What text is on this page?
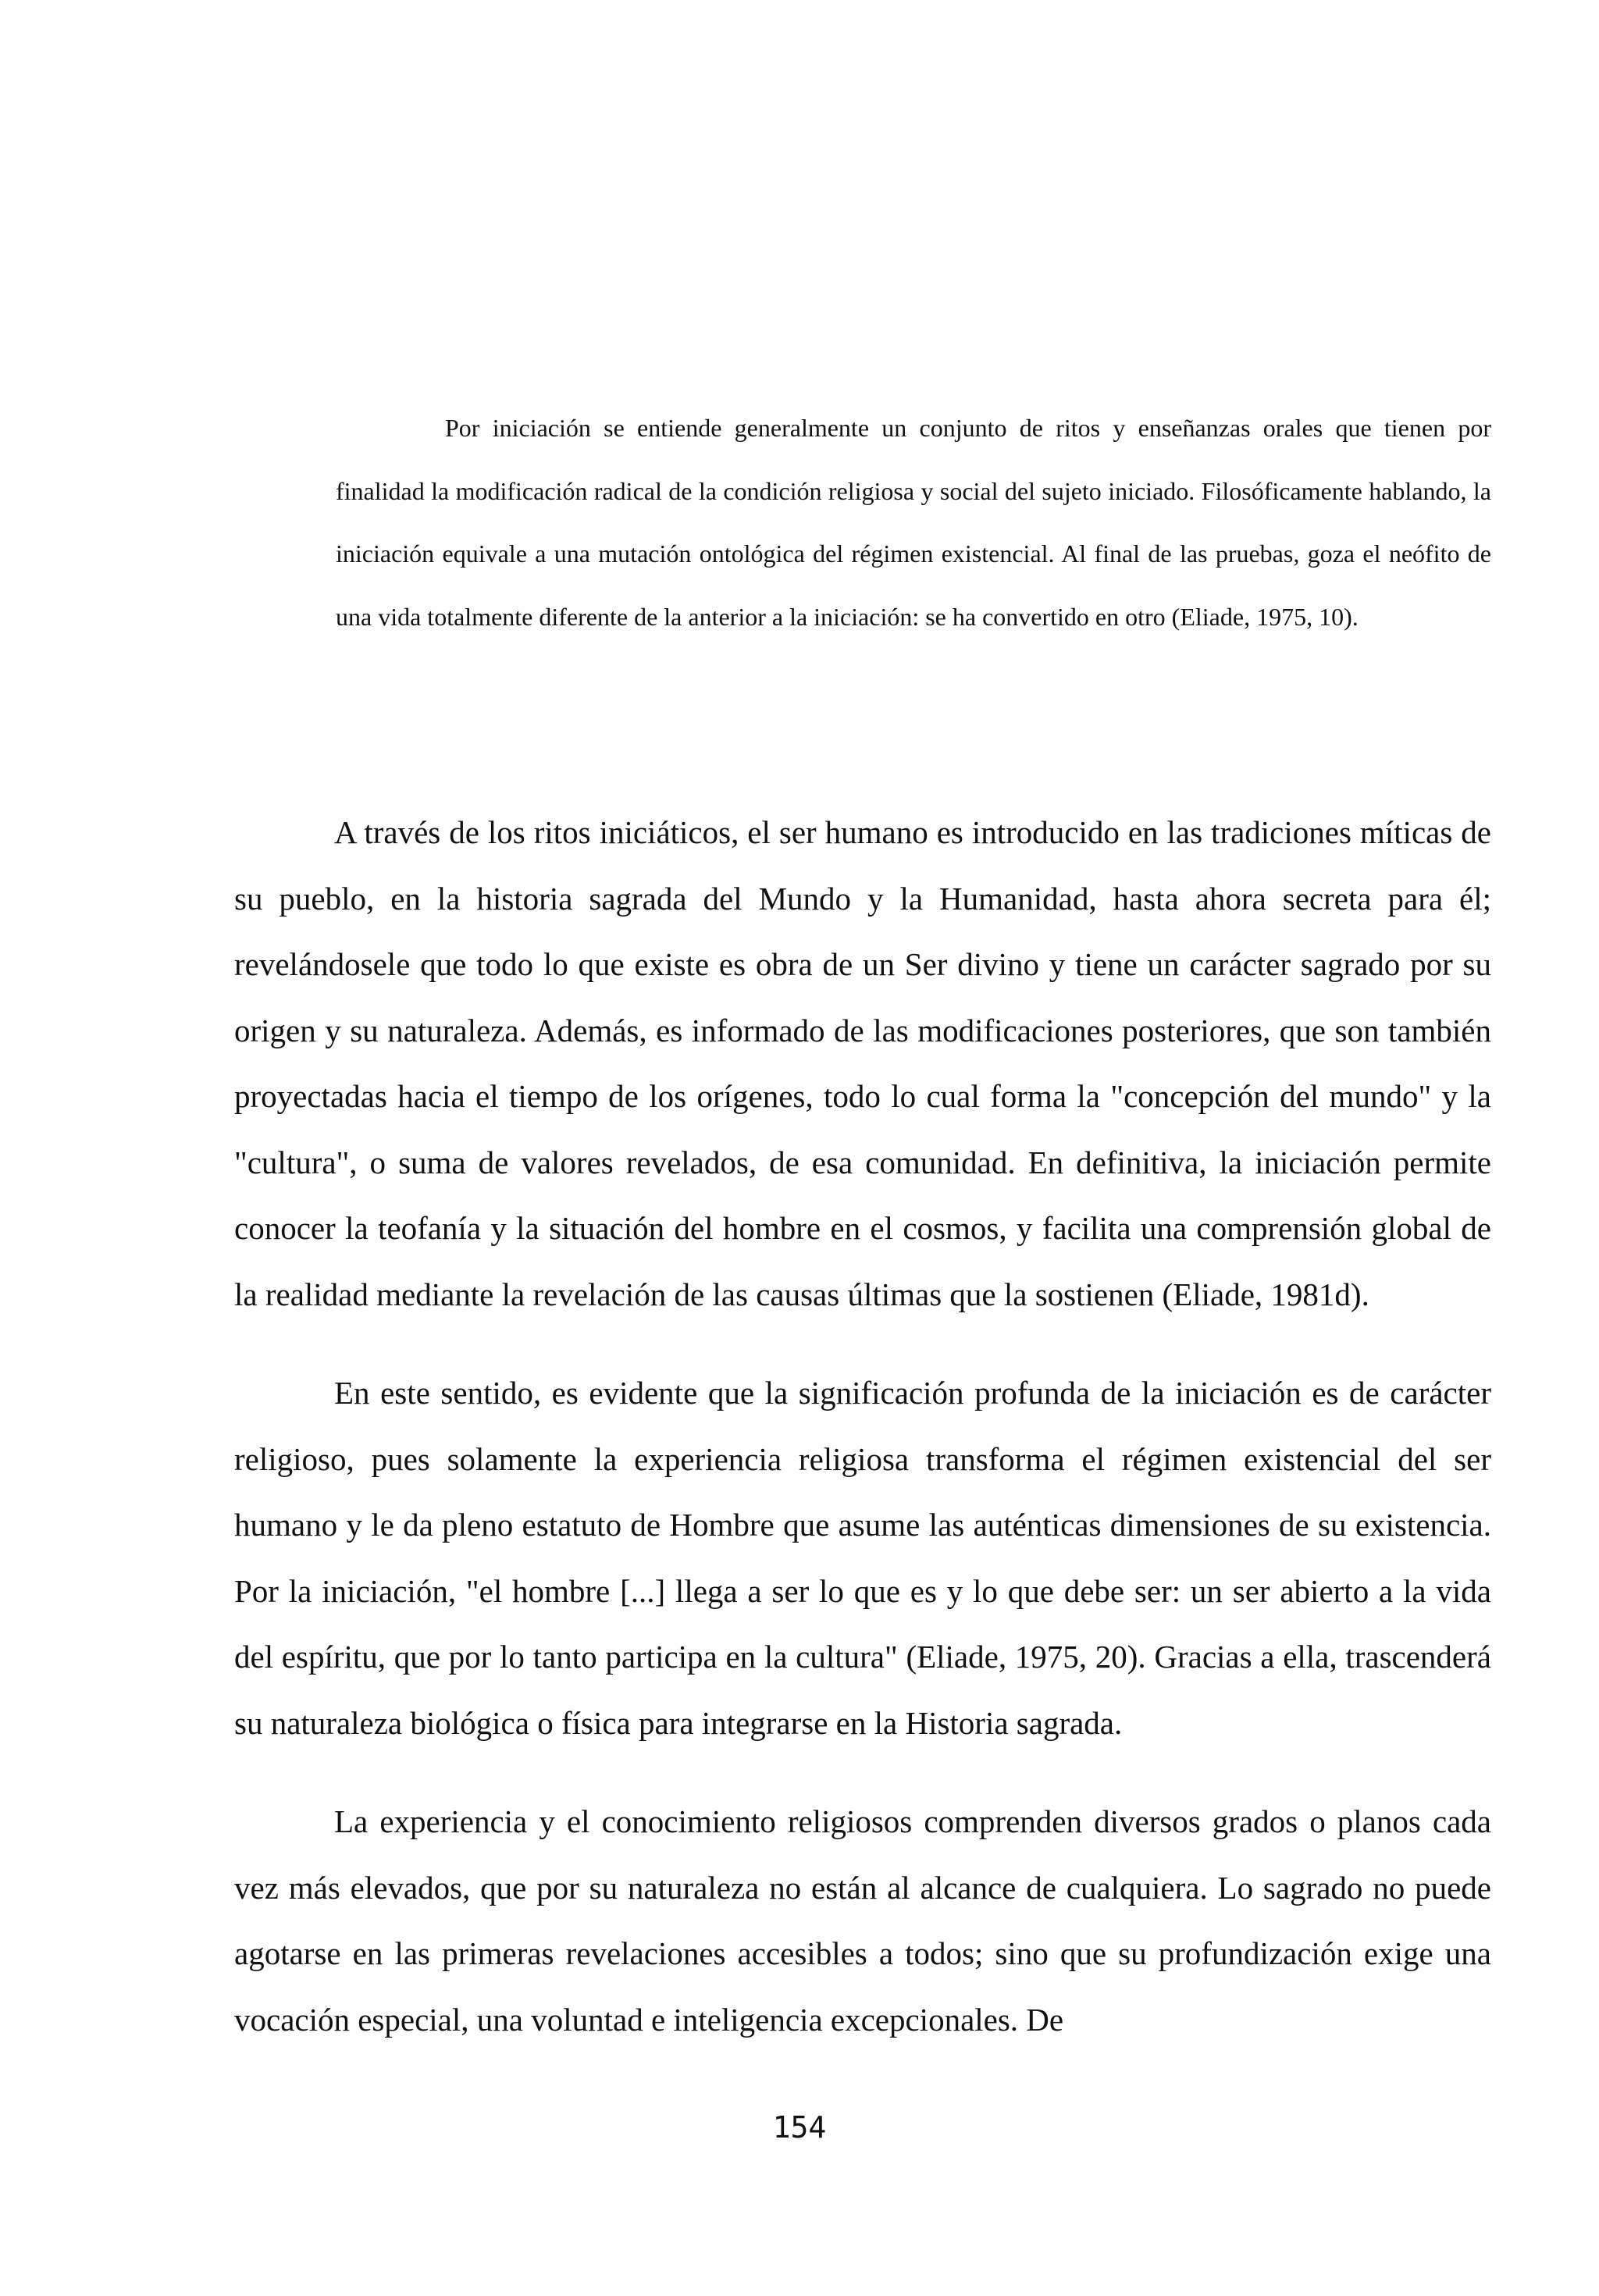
Por iniciación se entiende generalmente un conjunto de ritos y enseñanzas orales que tienen por finalidad la modificación radical de la condición religiosa y social del sujeto iniciado. Filosóficamente hablando, la iniciación equivale a una mutación ontológica del régimen existencial. Al final de las pruebas, goza el neófito de una vida totalmente diferente de la anterior a la iniciación: se ha convertido en otro (Eliade, 1975, 10).

A través de los ritos iniciáticos, el ser humano es introducido en las tradiciones míticas de su pueblo, en la historia sagrada del Mundo y la Humanidad, hasta ahora secreta para él; revelándosele que todo lo que existe es obra de un Ser divino y tiene un carácter sagrado por su origen y su naturaleza. Además, es informado de las modificaciones posteriores, que son también proyectadas hacia el tiempo de los orígenes, todo lo cual forma la "concepción del mundo" y la "cultura", o suma de valores revelados, de esa comunidad. En definitiva, la iniciación permite conocer la teofanía y la situación del hombre en el cosmos, y facilita una comprensión global de la realidad mediante la revelación de las causas últimas que la sostienen (Eliade, 1981d).

En este sentido, es evidente que la significación profunda de la iniciación es de carácter religioso, pues solamente la experiencia religiosa transforma el régimen existencial del ser humano y le da pleno estatuto de Hombre que asume las auténticas dimensiones de su existencia. Por la iniciación, "el hombre [...] llega a ser lo que es y lo que debe ser: un ser abierto a la vida del espíritu, que por lo tanto participa en la cultura" (Eliade, 1975, 20). Gracias a ella, trascenderá su naturaleza biológica o física para integrarse en la Historia sagrada.

La experiencia y el conocimiento religiosos comprenden diversos grados o planos cada vez más elevados, que por su naturaleza no están al alcance de cualquiera. Lo sagrado no puede agotarse en las primeras revelaciones accesibles a todos; sino que su profundización exige una vocación especial, una voluntad e inteligencia excepcionales. De

154
